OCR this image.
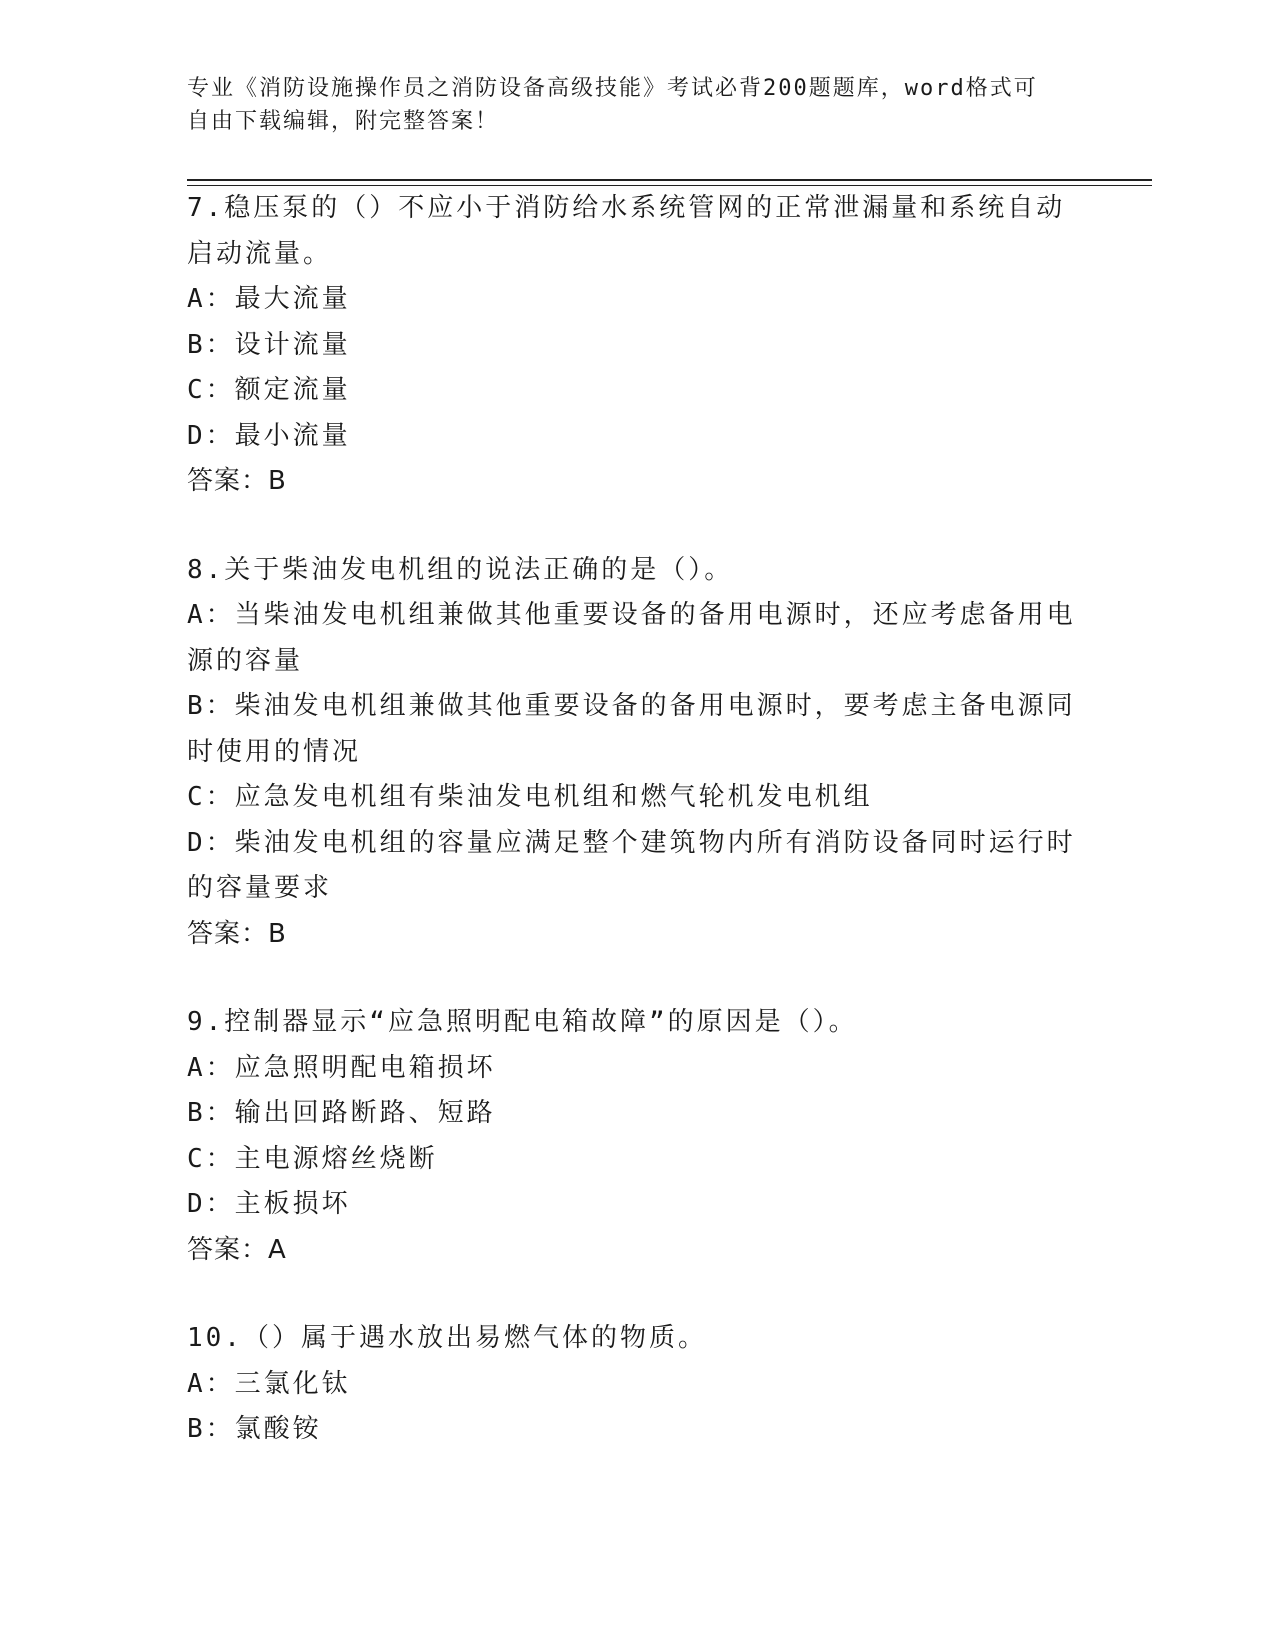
专业《消防设施操作员之消防设备高级技能》考试必背200题题库，word格式可
自由下载编辑，附完整答案！
7.稳压泵的（）不应小于消防给水系统管网的正常泄漏量和系统自动
启动流量。
A：最大流量
B：设计流量
C：额定流量
D：最小流量
答案：B
8.关于柴油发电机组的说法正确的是（）。
A：当柴油发电机组兼做其他重要设备的备用电源时，还应考虑备用电
源的容量
B：柴油发电机组兼做其他重要设备的备用电源时，要考虑主备电源同
时使用的情况
C：应急发电机组有柴油发电机组和燃气轮机发电机组
D：柴油发电机组的容量应满足整个建筑物内所有消防设备同时运行时
的容量要求
答案：B
9.控制器显示“应急照明配电箱故障”的原因是（）。
A：应急照明配电箱损坏
B：输出回路断路、短路
C：主电源熔丝烧断
D：主板损坏
答案：A
10.（）属于遇水放出易燃气体的物质。
A：三氯化钛
B：氯酸铵
